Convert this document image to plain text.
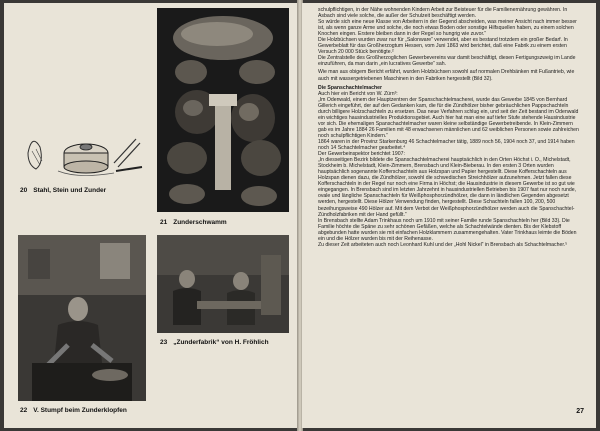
20 Stahl, Stein und Zunder
21 Zunderschwamm
22 V. Stumpf beim Zunderklopfen
23 „Zunderfabrik“ von H. Fröhlich

schulpflichtigen, in der Nähe wohnenden Kindern Arbeit zur Beisteuer für die Familienernährung gewähren. In Asbach sind viele solche, die außer der Schulzeit beschäftigt werden.

So würde sich eine neue Klasse von Arbeitern in der Gegend abscheiden, was meiner Ansicht nach immer besser ist, als wenn ganze Arme und solche, die noch etwas Boden oder sonstige Hilfsquellen haben, zu einem solchen Knochen eingen. Erstere bleiben dann in der Regel so hungrig wie zuvor.“

Die Holzbüchsen wurden zwar nur für „Salonware“ verwendet, aber es bestand trotzdem ein großer Bedarf. In Gewerbeblatt für das Großherzogtum Hessen, vom Juni 1863 wird berichtet, daß eine Fabrik zu einem ersten Versuch 20 000 Stück benötigte.²

Die Zentralstelle des Großherzoglichen Gewerbevereins war damit beschäftigt, diesen Fertigungszweig im Lande einzuführen, da man darin „ein lucratives Gewerbe“ sah.

Wie man aus obigem Bericht erfährt, wurden Holzbüchsen sowohl auf normalen Drehbänken mit Fußantrieb, wie auch mit wassergetriebenen Maschinen in den Fabriken hergestellt (Bild 32).

Die Spanschachtelmacher

Auch hier ein Bericht von W. Zürn³:

„Im Odenwald, einem der Hauptzentren der Spanschachtelmacherei, wurde das Gewerbe 1845 von Bernhard Gillerich eingeführt, der auf den Gedanken kam, die für die Zündhölzer bisher gebräuchlichen Pappschachteln durch billigere Holzschachteln zu ersetzen. Das neue Verfahren schlug ein, und seit der Zeit bestand im Odenwald ein wichtiges hausindustrielles Produktionsgebiet. Auch hier hat man eine auf tiefer Stufe stehende Hausindustrie vor sich. Die ehemaligen Spanschachtelmacher waren kleine selbständige Gewerbetreibende. In Klein-Zimmern gab es im Jahre 1884 26 Familien mit 48 erwachsenen männlichen und 62 weiblichen Personen sowie zahlreichen noch schulpflichtigen Kindern.“

1864 waren in der Provinz Starkenburg 46 Schachtelmacher tätig, 1889 noch 56, 1904 noch 37, und 1914 haben noch 14 Schachtelmacher gearbeitet.⁴

Der Gewerbeinspektor berichtet 1907:

„In diesseitigen Bezirk bildete die Spanschachtelmacherei hauptsächlich in den Orten Höchst i. O., Michelstadt, Stockheim b. Michelstadt, Klein-Zimmern, Brensbach und Klein-Bieberau. In den ersten 3 Orten wurden hauptsächlich sogenannte Kofferschachteln aus Holzspan und Papier hergestellt. Diese Kofferschachteln aus Holzspan dienen dazu, die Zündhölzer, sowohl die schwedischen Streichhölzer aufzunehmen. Jetzt fallen diese Kofferschachteln in der Regel nur noch eine Firma in Höchst; die Hausindustrie in diesem Gewerbe ist so gut wie eingegangen. In Brensbach sind im letzten Jahrzehnt in hausindustriellen Betrieben bis 1907 fast nur noch runde, ovale und längliche Spanschachteln für Weißphosphorzündhölzer, die dann in ländlichen Gegenden abgesetzt werden, hergestellt. Diese Hölzer Verwendung finden, hergestellt. Diese Schachteln fallen 100, 200, 500 bezeihungsweise 490 Hölzer auf. Mit dem Verbot der Weißphosphorzündhölzer werden auch die Spanschachtel-Zündholzfabriken mit der Hand gefüllt.“

In Brensbach stellte Adam Trinkhaus noch um 1910 mit seiner Familie runde Spanschachteln her (Bild 33). Die Familie höchte die Späne zu sehr schönen Gefäßen, welche als Schachtelwände dienten. Bis der Klebstoff abgebunden hatte wurden sie mit einfachen Holzklammern zusammengehalten. Vater Trinkhaus leimte die Böden ein und die Hölzer wurden bis mit der Reihenasse.

Zu dieser Zeit arbeiteten auch noch Leonhard Kuhl und der „Hohl Nickel“ in Brensbach als Schachtelmacher.⁵

27
